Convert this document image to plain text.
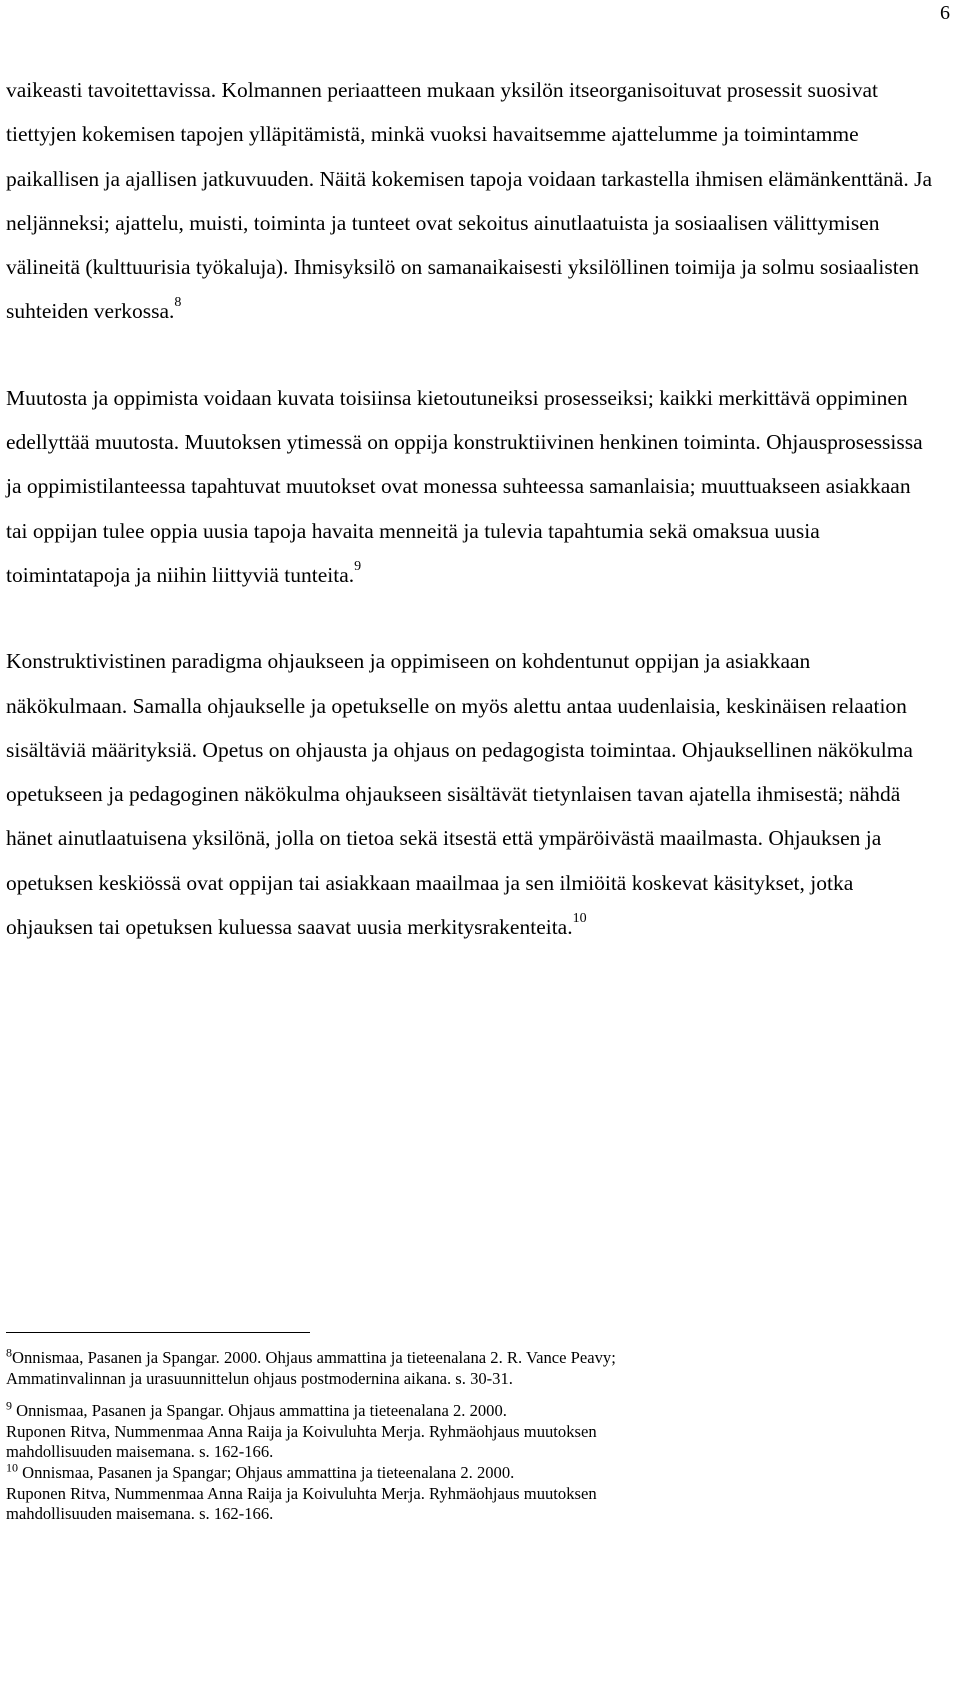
6

vaikeasti tavoitettavissa. Kolmannen periaatteen mukaan yksilön itseorganisoituvat prosessit suosivat tiettyjen kokemisen tapojen ylläpitämistä, minkä vuoksi havaitsemme ajattelumme ja toimintamme paikallisen ja ajallisen jatkuvuuden. Näitä kokemisen tapoja voidaan tarkastella ihmisen elämänkenttänä. Ja neljänneksi; ajattelu, muisti, toiminta ja tunteet ovat sekoitus ainutlaatuista ja sosiaalisen välittymisen välineitä (kulttuurisia työkaluja). Ihmisyksilö on samanaikaisesti yksilöllinen toimija ja solmu sosiaalisten suhteiden verkossa.$^8$

Muutosta ja oppimista voidaan kuvata toisiinsa kietoutuneiksi prosesseiksi; kaikki merkittävä oppiminen edellyttää muutosta. Muutoksen ytimessä on oppija konstruktiivinen henkinen toiminta. Ohjausprosessissa ja oppimistilanteessa tapahtuvat muutokset ovat monessa suhteessa samanlaisia; muuttuakseen asiakkaan tai oppijan tulee oppia uusia tapoja havaita menneitä ja tulevia tapahtumia sekä omaksua uusia toimintatapoja ja niihin liittyviä tunteita.$^9$

Konstruktivistinen paradigma ohjaukseen ja oppimiseen on kohdentunut oppijan ja asiakkaan näkökulmaan. Samalla ohjaukselle ja opetukselle on myös alettu antaa uudenlaisia, keskinäisen relaation sisältäviä määrityksiä. Opetus on ohjausta ja ohjaus on pedagogista toimintaa. Ohjauksellinen näkökulma opetukseen ja pedagoginen näkökulma ohjaukseen sisältävät tietynlaisen tavan ajatella ihmisestä; nähdä hänet ainutlaatuisena yksilönä, jolla on tietoa sekä itsestä että ympäröivästä maailmasta. Ohjauksen ja opetuksen keskiössä ovat oppijan tai asiakkaan maailmaa ja sen ilmiöitä koskevat käsitykset, jotka ohjauksen tai opetuksen kuluessa saavat uusia merkitysrakenteita.$^{10}$

$^8$Onnismaa, Pasanen ja Spangar. 2000. Ohjaus ammattina ja tieteenalana 2. R. Vance Peavy;
Ammatinvalinnan ja urasuunnittelun ohjaus postmodernina aikana. s. 30-31.

$^9$ Onnismaa, Pasanen ja Spangar. Ohjaus ammattina ja tieteenalana 2. 2000.
Ruponen Ritva, Nummenmaa Anna Raija ja Koivuluhta Merja. Ryhmäohjaus muutoksen
mahdollisuuden maisemana. s. 162-166.

$^{10}$ Onnismaa, Pasanen ja Spangar; Ohjaus ammattina ja tieteenalana 2. 2000.
Ruponen Ritva, Nummenmaa Anna Raija ja Koivuluhta Merja. Ryhmäohjaus muutoksen
mahdollisuuden maisemana. s. 162-166.
